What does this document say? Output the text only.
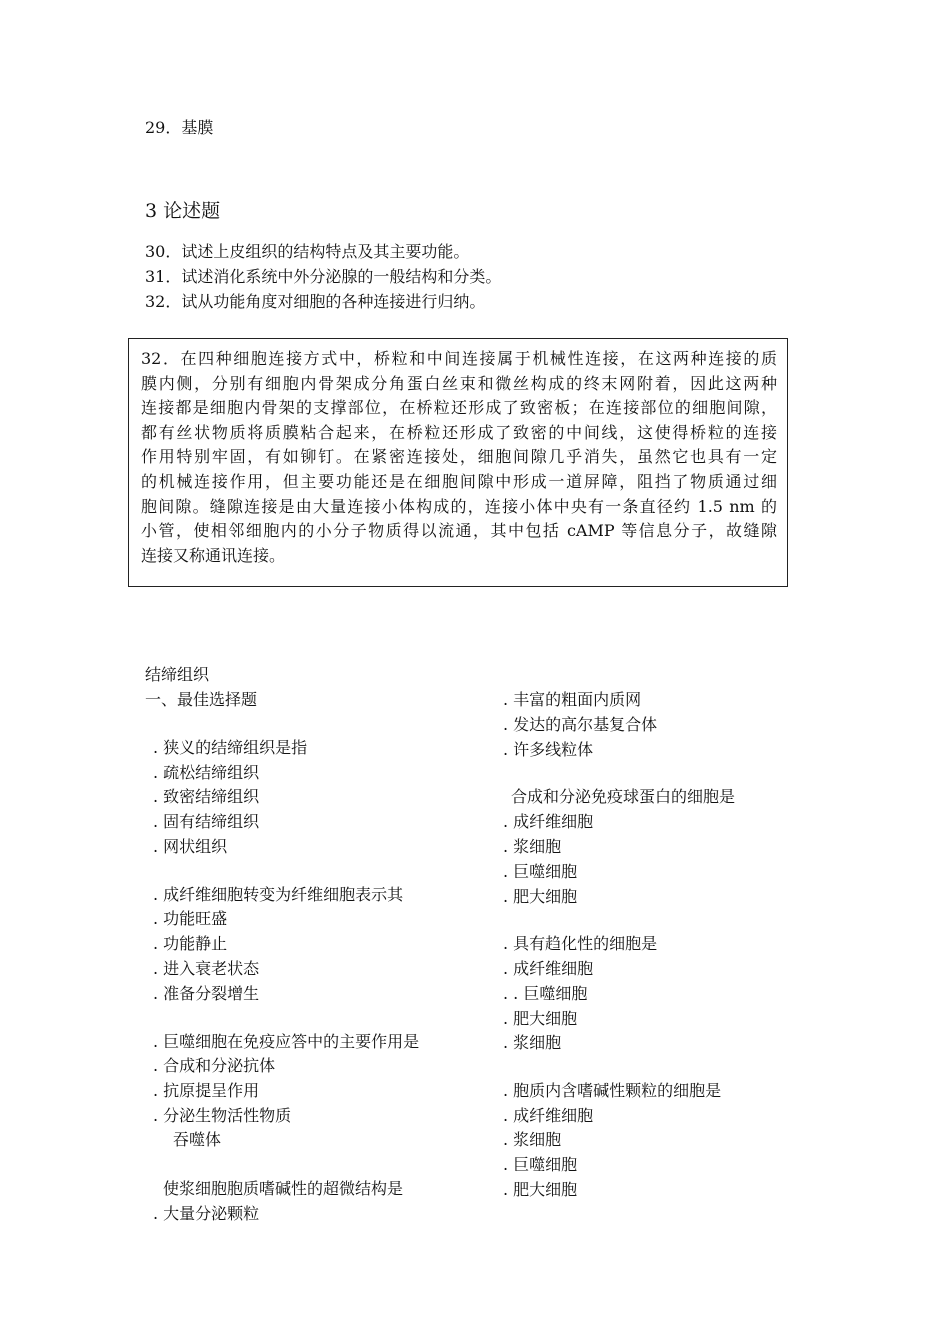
29．基膜
3 论述题
30．试述上皮组织的结构特点及其主要功能。
31．试述消化系统中外分泌腺的一般结构和分类。
32．试从功能角度对细胞的各种连接进行归纳。
32．在四种细胞连接方式中，桥粒和中间连接属于机械性连接，在这两种连接的质
膜内侧，分别有细胞内骨架成分角蛋白丝束和微丝构成的终末网附着，因此这两种
连接都是细胞内骨架的支撑部位，在桥粒还形成了致密板；在连接部位的细胞间隙，
都有丝状物质将质膜粘合起来，在桥粒还形成了致密的中间线，这使得桥粒的连接
作用特别牢固，有如铆钉。在紧密连接处，细胞间隙几乎消失，虽然它也具有一定
的机械连接作用，但主要功能还是在细胞间隙中形成一道屏障，阻挡了物质通过细
胞间隙。缝隙连接是由大量连接小体构成的，连接小体中央有一条直径约 1.5 nm 的
小管，使相邻细胞内的小分子物质得以流通，其中包括 cAMP 等信息分子，故缝隙
连接又称通讯连接。
结缔组织
一、最佳选择题
. 狭义的结缔组织是指
. 疏松结缔组织
. 致密结缔组织
. 固有结缔组织
. 网状组织
. 成纤维细胞转变为纤维细胞表示其
. 功能旺盛
. 功能静止
. 进入衰老状态
. 准备分裂增生
. 巨噬细胞在免疫应答中的主要作用是
. 合成和分泌抗体
. 抗原提呈作用
. 分泌生物活性物质
吞噬体
使浆细胞胞质嗜碱性的超微结构是
. 大量分泌颗粒
. 丰富的粗面内质网
. 发达的高尔基复合体
. 许多线粒体
合成和分泌免疫球蛋白的细胞是
. 成纤维细胞
. 浆细胞
. 巨噬细胞
. 肥大细胞
. 具有趋化性的细胞是
. 成纤维细胞
. . 巨噬细胞
. 肥大细胞
. 浆细胞
. 胞质内含嗜碱性颗粒的细胞是
. 成纤维细胞
. 浆细胞
. 巨噬细胞
. 肥大细胞
